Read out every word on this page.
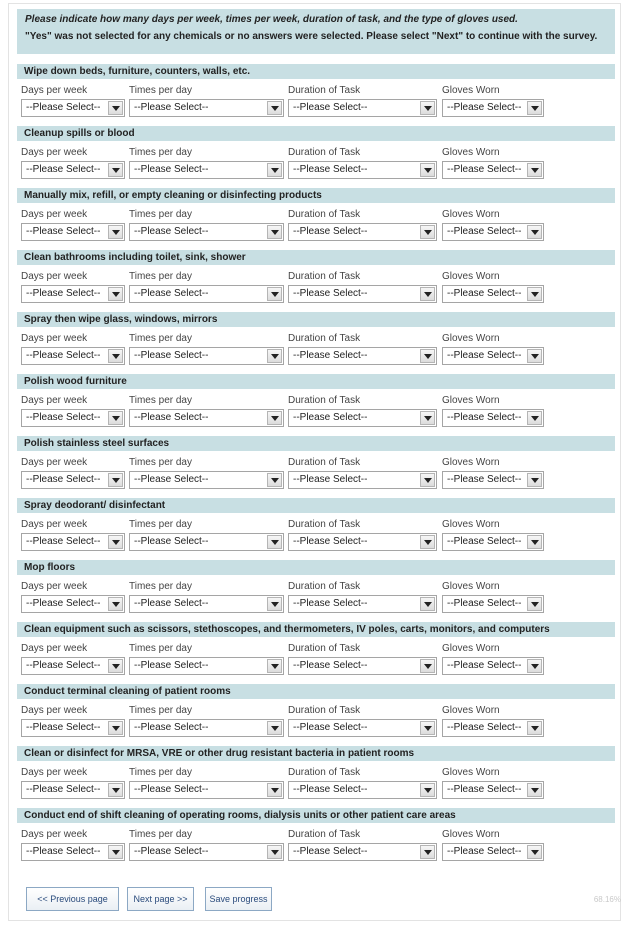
Please indicate how many days per week, times per week, duration of task, and the type of gloves used.
"Yes" was not selected for any chemicals or no answers were selected. Please select "Next" to continue with the survey.
Wipe down beds, furniture, counters, walls, etc.
Days per week
--Please Select--
Times per day
--Please Select--
Duration of Task
--Please Select--
Gloves Worn
--Please Select--
Cleanup spills or blood
Days per week
--Please Select--
Times per day
--Please Select--
Duration of Task
--Please Select--
Gloves Worn
--Please Select--
Manually mix, refill, or empty cleaning or disinfecting products
Days per week
--Please Select--
Times per day
--Please Select--
Duration of Task
--Please Select--
Gloves Worn
--Please Select--
Clean bathrooms including toilet, sink, shower
Days per week
--Please Select--
Times per day
--Please Select--
Duration of Task
--Please Select--
Gloves Worn
--Please Select--
Spray then wipe glass, windows, mirrors
Days per week
--Please Select--
Times per day
--Please Select--
Duration of Task
--Please Select--
Gloves Worn
--Please Select--
Polish wood furniture
Days per week
--Please Select--
Times per day
--Please Select--
Duration of Task
--Please Select--
Gloves Worn
--Please Select--
Polish stainless steel surfaces
Days per week
--Please Select--
Times per day
--Please Select--
Duration of Task
--Please Select--
Gloves Worn
--Please Select--
Spray deodorant/ disinfectant
Days per week
--Please Select--
Times per day
--Please Select--
Duration of Task
--Please Select--
Gloves Worn
--Please Select--
Mop floors
Days per week
--Please Select--
Times per day
--Please Select--
Duration of Task
--Please Select--
Gloves Worn
--Please Select--
Clean equipment such as scissors, stethoscopes, and thermometers, IV poles, carts, monitors, and computers
Days per week
--Please Select--
Times per day
--Please Select--
Duration of Task
--Please Select--
Gloves Worn
--Please Select--
Conduct terminal cleaning of patient rooms
Days per week
--Please Select--
Times per day
--Please Select--
Duration of Task
--Please Select--
Gloves Worn
--Please Select--
Clean or disinfect for MRSA, VRE or other drug resistant bacteria in patient rooms
Days per week
--Please Select--
Times per day
--Please Select--
Duration of Task
--Please Select--
Gloves Worn
--Please Select--
Conduct end of shift cleaning of operating rooms, dialysis units or other patient care areas
Days per week
--Please Select--
Times per day
--Please Select--
Duration of Task
--Please Select--
Gloves Worn
--Please Select--
<< Previous page	Next page >>	Save progress	68.16%
